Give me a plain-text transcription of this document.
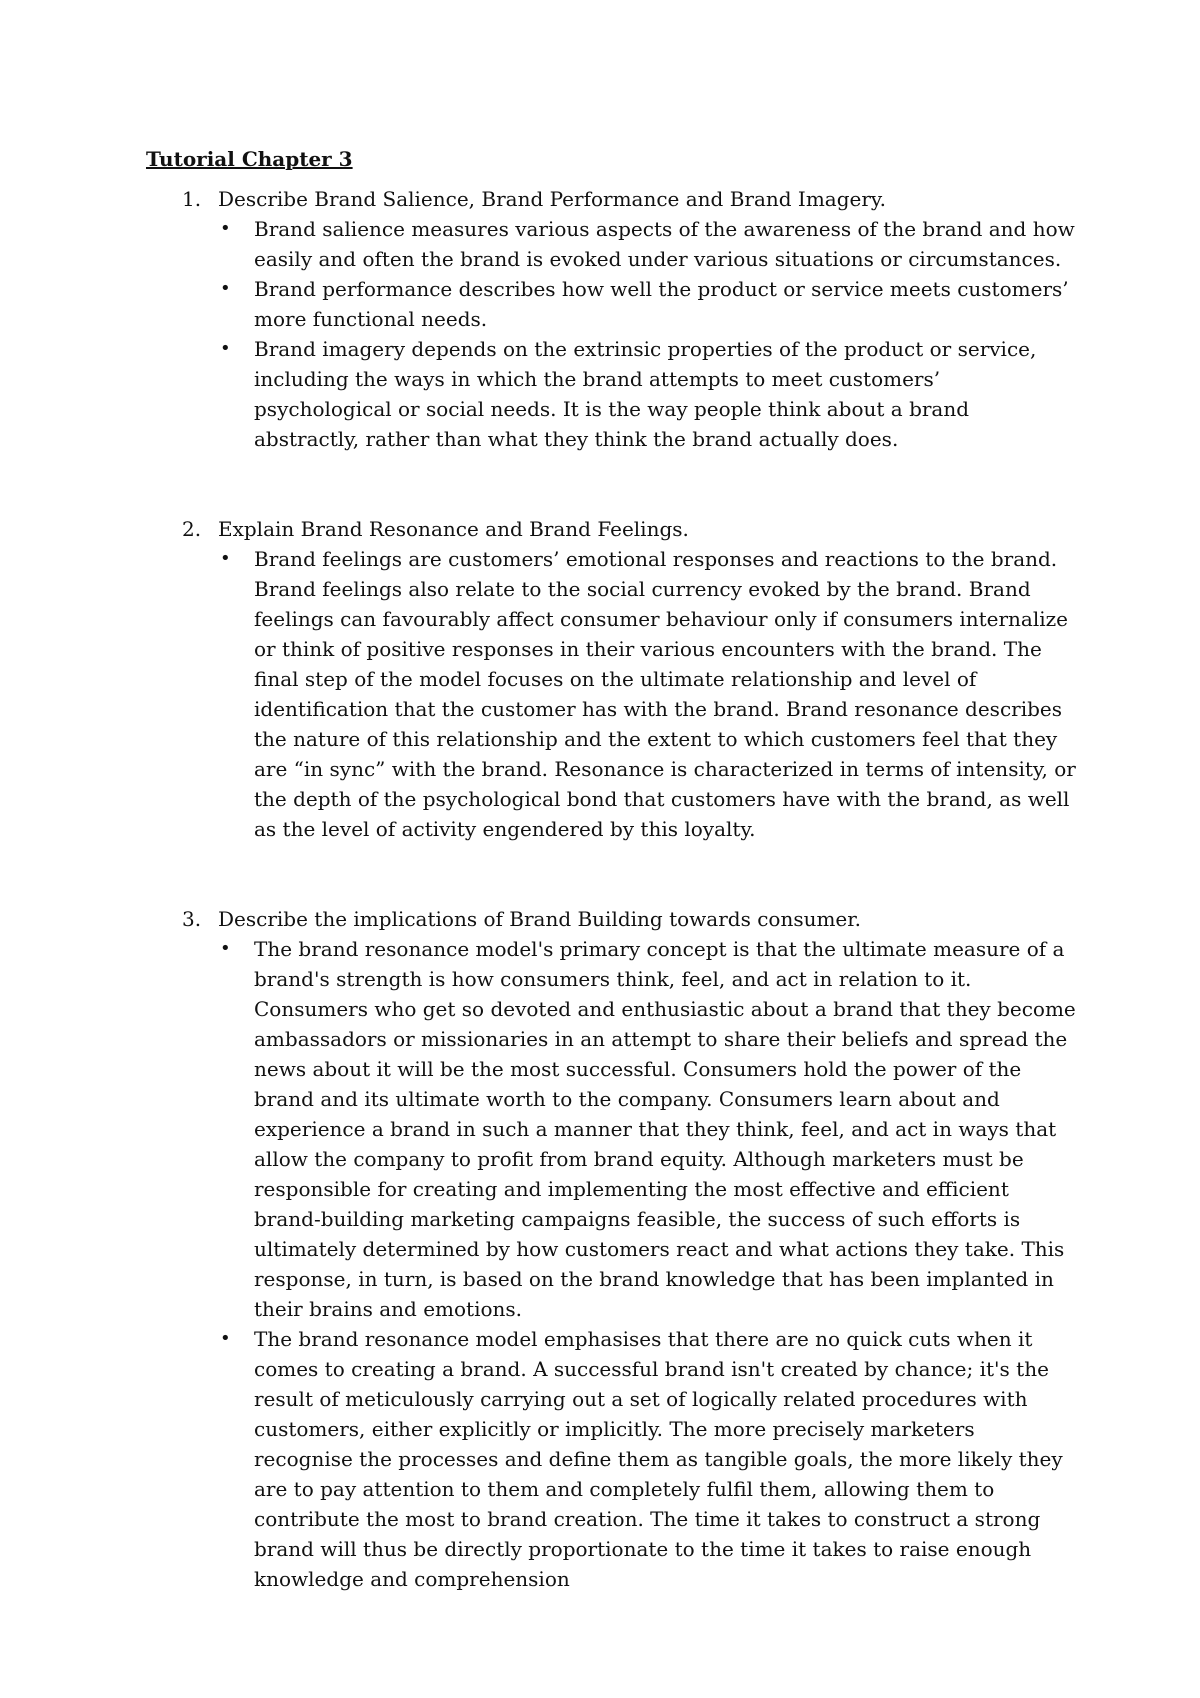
Tutorial Chapter 3
1. Describe Brand Salience, Brand Performance and Brand Imagery.

• Brand salience measures various aspects of the awareness of the brand and how easily and often the brand is evoked under various situations or circumstances.
• Brand performance describes how well the product or service meets customers’ more functional needs.
• Brand imagery depends on the extrinsic properties of the product or service, including the ways in which the brand attempts to meet customers’ psychological or social needs. It is the way people think about a brand abstractly, rather than what they think the brand actually does.
2. Explain Brand Resonance and Brand Feelings.

• Brand feelings are customers’ emotional responses and reactions to the brand. Brand feelings also relate to the social currency evoked by the brand. Brand feelings can favourably affect consumer behaviour only if consumers internalize or think of positive responses in their various encounters with the brand. The final step of the model focuses on the ultimate relationship and level of identification that the customer has with the brand. Brand resonance describes the nature of this relationship and the extent to which customers feel that they are “in sync” with the brand. Resonance is characterized in terms of intensity, or the depth of the psychological bond that customers have with the brand, as well as the level of activity engendered by this loyalty.
3. Describe the implications of Brand Building towards consumer.

• The brand resonance model's primary concept is that the ultimate measure of a brand's strength is how consumers think, feel, and act in relation to it. Consumers who get so devoted and enthusiastic about a brand that they become ambassadors or missionaries in an attempt to share their beliefs and spread the news about it will be the most successful. Consumers hold the power of the brand and its ultimate worth to the company. Consumers learn about and experience a brand in such a manner that they think, feel, and act in ways that allow the company to profit from brand equity. Although marketers must be responsible for creating and implementing the most effective and efficient brand-building marketing campaigns feasible, the success of such efforts is ultimately determined by how customers react and what actions they take. This response, in turn, is based on the brand knowledge that has been implanted in their brains and emotions.
• The brand resonance model emphasises that there are no quick cuts when it comes to creating a brand. A successful brand isn't created by chance; it's the result of meticulously carrying out a set of logically related procedures with customers, either explicitly or implicitly. The more precisely marketers recognise the processes and define them as tangible goals, the more likely they are to pay attention to them and completely fulfil them, allowing them to contribute the most to brand creation. The time it takes to construct a strong brand will thus be directly proportionate to the time it takes to raise enough knowledge and comprehension
